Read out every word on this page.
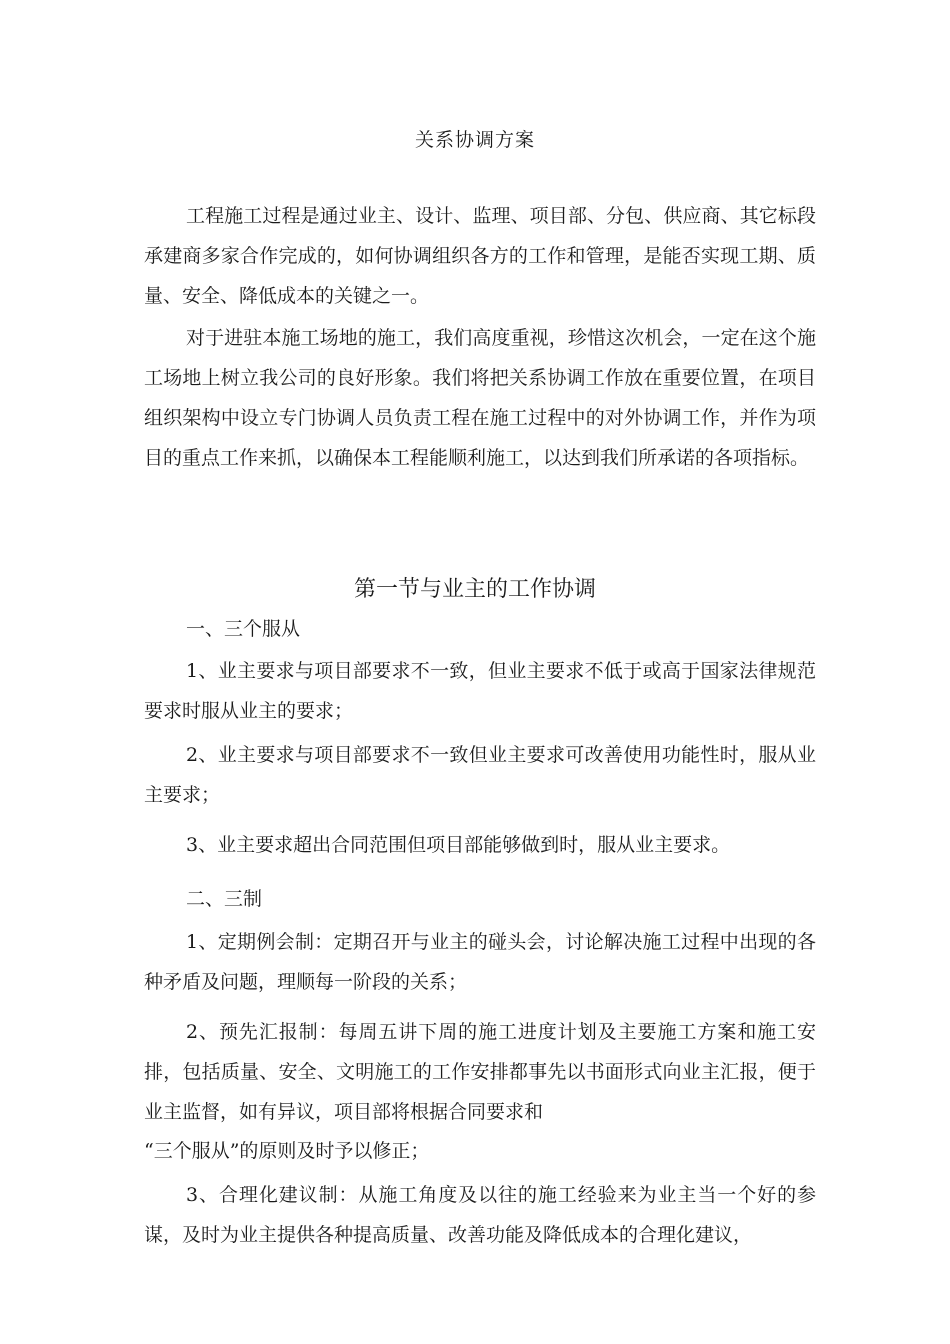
关系协调方案

工程施工过程是通过业主、设计、监理、项目部、分包、供应商、其它标段承建商多家合作完成的，如何协调组织各方的工作和管理，是能否实现工期、质量、安全、降低成本的关键之一。

对于进驻本施工场地的施工，我们高度重视，珍惜这次机会，一定在这个施工场地上树立我公司的良好形象。我们将把关系协调工作放在重要位置，在项目组织架构中设立专门协调人员负责工程在施工过程中的对外协调工作，并作为项目的重点工作来抓，以确保本工程能顺利施工，以达到我们所承诺的各项指标。

第一节与业主的工作协调

一、三个服从

1、业主要求与项目部要求不一致，但业主要求不低于或高于国家法律规范要求时服从业主的要求；

2、业主要求与项目部要求不一致但业主要求可改善使用功能性时，服从业主要求；

3、业主要求超出合同范围但项目部能够做到时，服从业主要求。

二、三制

1、定期例会制：定期召开与业主的碰头会，讨论解决施工过程中出现的各种矛盾及问题，理顺每一阶段的关系；

2、预先汇报制：每周五讲下周的施工进度计划及主要施工方案和施工安排，包括质量、安全、文明施工的工作安排都事先以书面形式向业主汇报，便于业主监督，如有异议，项目部将根据合同要求和

“三个服从”的原则及时予以修正；

3、合理化建议制：从施工角度及以往的施工经验来为业主当一个好的参谋，及时为业主提供各种提高质量、改善功能及降低成本的合理化建议，
